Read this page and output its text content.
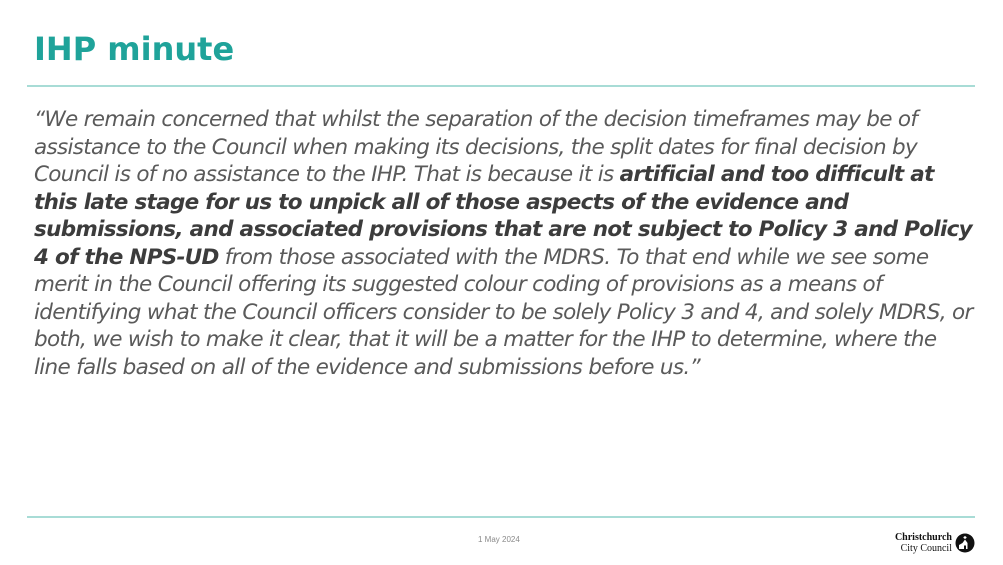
IHP minute

“We remain concerned that whilst the separation of the decision timeframes may be of assistance to the Council when making its decisions, the split dates for final decision by Council is of no assistance to the IHP. That is because it is artificial and too difficult at this late stage for us to unpick all of those aspects of the evidence and submissions, and associated provisions that are not subject to Policy 3 and Policy 4 of the NPS-UD from those associated with the MDRS. To that end while we see some merit in the Council offering its suggested colour coding of provisions as a means of identifying what the Council officers consider to be solely Policy 3 and 4, and solely MDRS, or both, we wish to make it clear, that it will be a matter for the IHP to determine, where the line falls based on all of the evidence and submissions before us.”

1 May 2024	Christchurch
City Council
